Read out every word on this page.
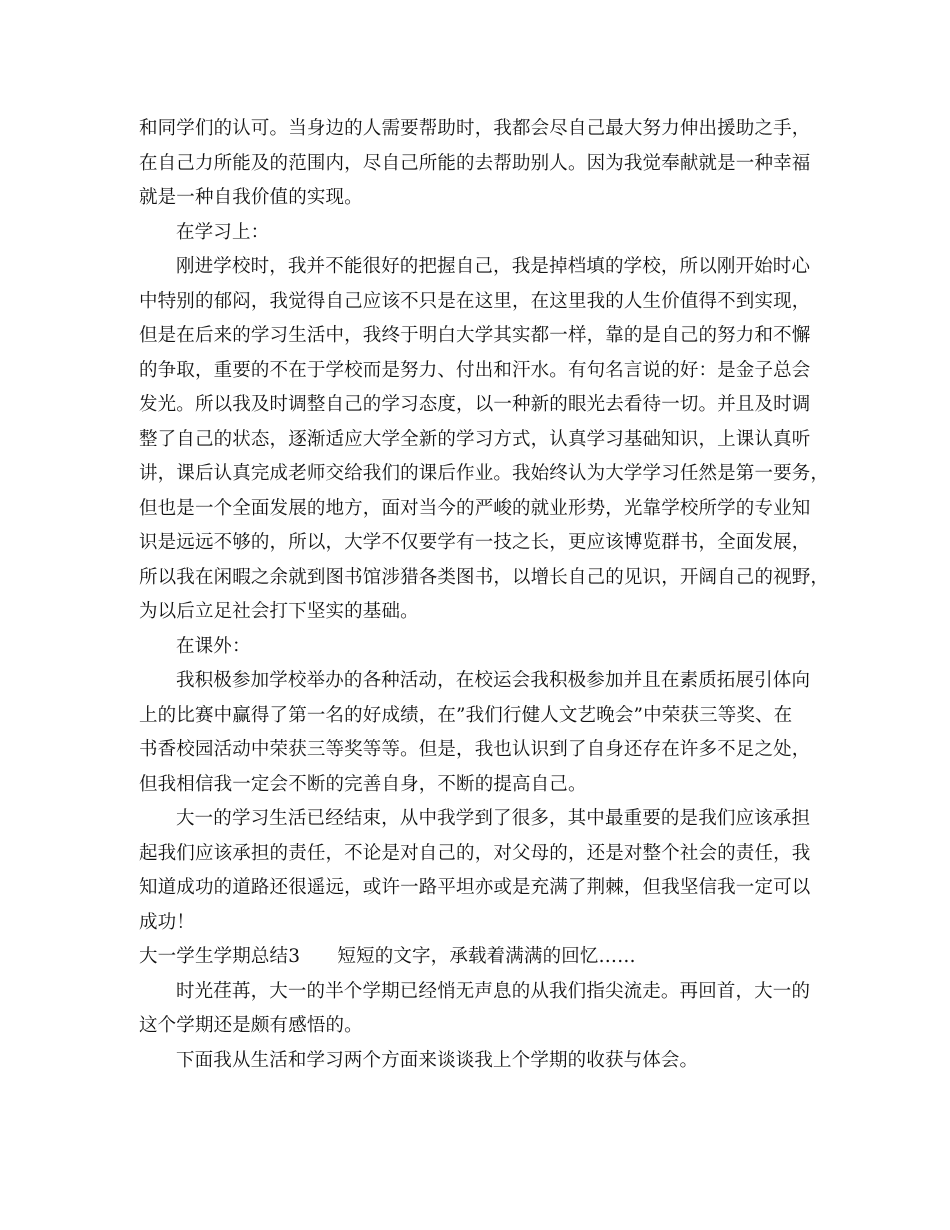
和同学们的认可。当身边的人需要帮助时，我都会尽自己最大努力伸出援助之手，
在自己力所能及的范围内，尽自己所能的去帮助别人。因为我觉奉献就是一种幸福
就是一种自我价值的实现。
在学习上：
刚进学校时，我并不能很好的把握自己，我是掉档填的学校，所以刚开始时心
中特别的郁闷，我觉得自己应该不只是在这里，在这里我的人生价值得不到实现，
但是在后来的学习生活中，我终于明白大学其实都一样，靠的是自己的努力和不懈
的争取，重要的不在于学校而是努力、付出和汗水。有句名言说的好：是金子总会
发光。所以我及时调整自己的学习态度，以一种新的眼光去看待一切。并且及时调
整了自己的状态，逐渐适应大学全新的学习方式，认真学习基础知识，上课认真听
讲，课后认真完成老师交给我们的课后作业。我始终认为大学学习任然是第一要务，
但也是一个全面发展的地方，面对当今的严峻的就业形势，光靠学校所学的专业知
识是远远不够的，所以，大学不仅要学有一技之长，更应该博览群书，全面发展，
所以我在闲暇之余就到图书馆涉猎各类图书，以增长自己的见识，开阔自己的视野，
为以后立足社会打下坚实的基础。
在课外：
我积极参加学校举办的各种活动，在校运会我积极参加并且在素质拓展引体向
上的比赛中赢得了第一名的好成绩，在”我们行健人文艺晚会”中荣获三等奖、在
书香校园活动中荣获三等奖等等。但是，我也认识到了自身还存在许多不足之处，
但我相信我一定会不断的完善自身，不断的提高自己。
大一的学习生活已经结束，从中我学到了很多，其中最重要的是我们应该承担
起我们应该承担的责任，不论是对自己的，对父母的，还是对整个社会的责任，我
知道成功的道路还很遥远，或许一路平坦亦或是充满了荆棘，但我坚信我一定可以
成功！
大一学生学期总结3　　短短的文字，承载着满满的回忆……
时光荏苒，大一的半个学期已经悄无声息的从我们指尖流走。再回首，大一的
这个学期还是颇有感悟的。
下面我从生活和学习两个方面来谈谈我上个学期的收获与体会。
